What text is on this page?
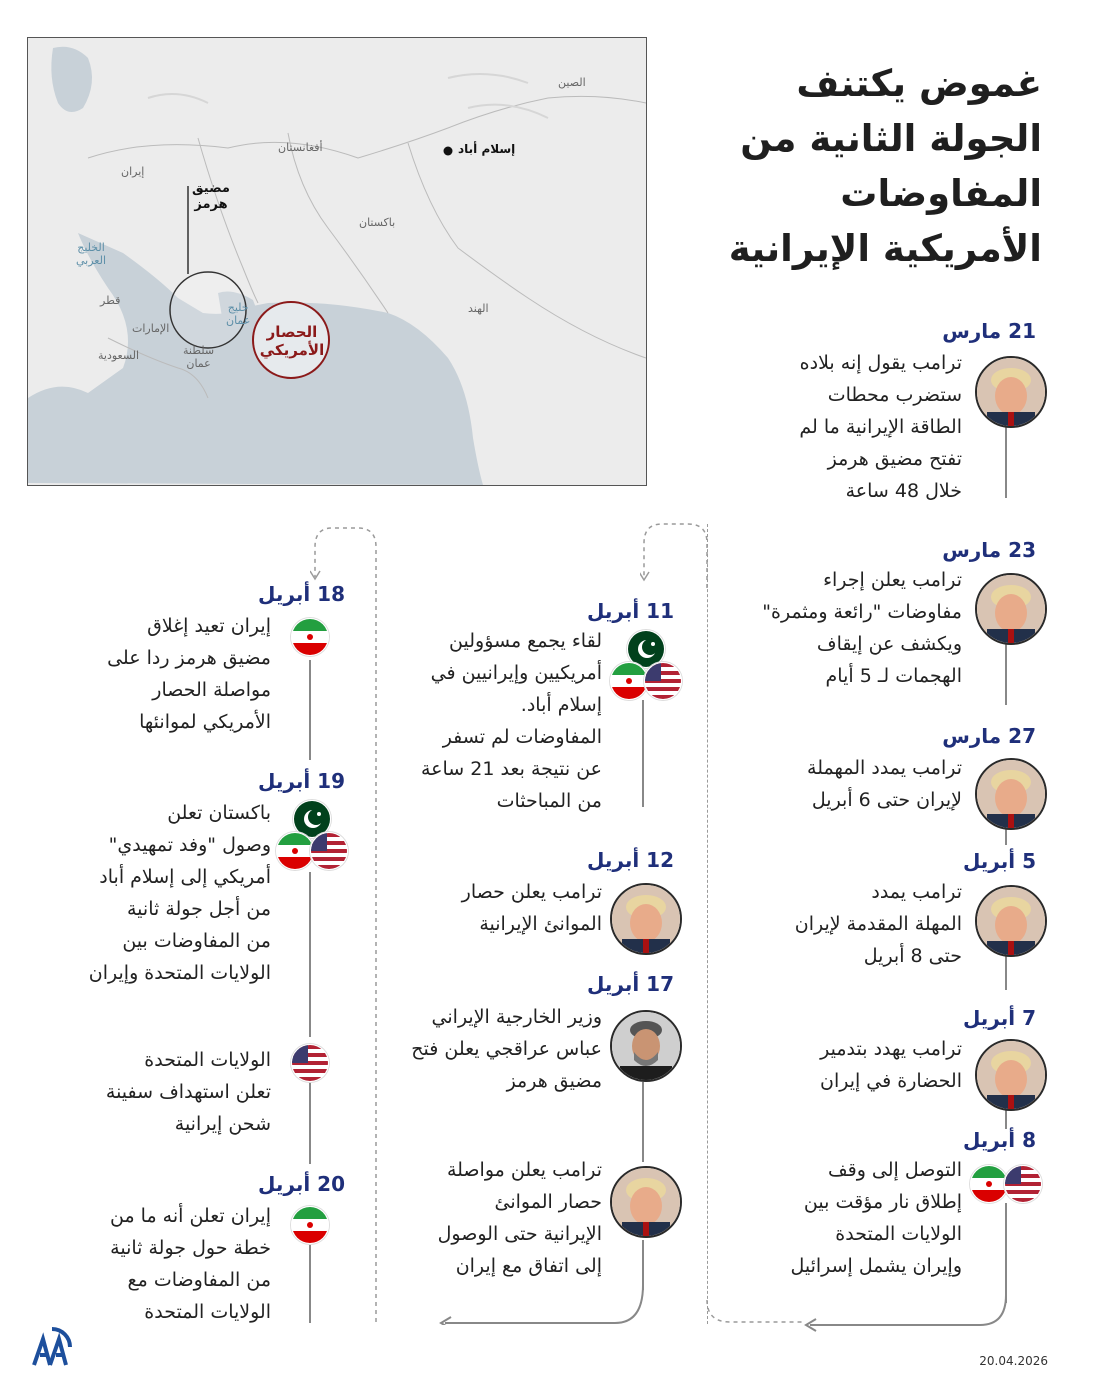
غموض يكتنف
الجولة الثانية من
المفاوضات
الأمريكية الإيرانية
الصين
أفغانستان
إيران
باكستان
الهند
الإمارات
قطر
السعودية	سلطنة
عمان
الخليج
العربي
خليج
عمان
إسلام أباد
مضيق
هرمز
الحصار
الأمريكي
21 مارس
ترامب يقول إنه بلاده
ستضرب محطات
الطاقة الإيرانية ما لم
تفتح مضيق هرمز
خلال 48 ساعة
23 مارس
ترامب يعلن إجراء
مفاوضات "رائعة ومثمرة"
ويكشف عن إيقاف
الهجمات لـ 5 أيام
27 مارس
ترامب يمدد المهملة
لإيران حتى 6 أبريل
5 أبريل
ترامب يمدد
المهلة المقدمة لإيران
حتى 8 أبريل
7 أبريل
ترامب يهدد بتدمير
الحضارة في إيران
8 أبريل
التوصل إلى وقف
إطلاق نار مؤقت بين
الولايات المتحدة
وإيران يشمل إسرائيل
11 أبريل
لقاء يجمع مسؤولين
أمريكيين وإيرانيين في
إسلام أباد.
المفاوضات لم تسفر
عن نتيجة بعد 21 ساعة
من المباحثات
12 أبريل
ترامب يعلن حصار
الموانئ الإيرانية
17 أبريل
وزير الخارجية الإيراني
عباس عراقجي يعلن فتح
مضيق هرمز
ترامب يعلن مواصلة
حصار الموانئ
الإيرانية حتى الوصول
إلى اتفاق مع إيران
18 أبريل
إيران تعيد إغلاق
مضيق هرمز ردا على
مواصلة الحصار
الأمريكي لموانئها
19 أبريل
باكستان تعلن
وصول "وفد تمهيدي"
أمريكي إلى إسلام أباد
من أجل جولة ثانية
من المفاوضات بين
الولايات المتحدة وإيران
الولايات المتحدة
تعلن استهداف سفينة
شحن إيرانية
20 أبريل
إيران تعلن أنه ما من
خطة حول جولة ثانية
من المفاوضات مع
الولايات المتحدة
20.04.2026
